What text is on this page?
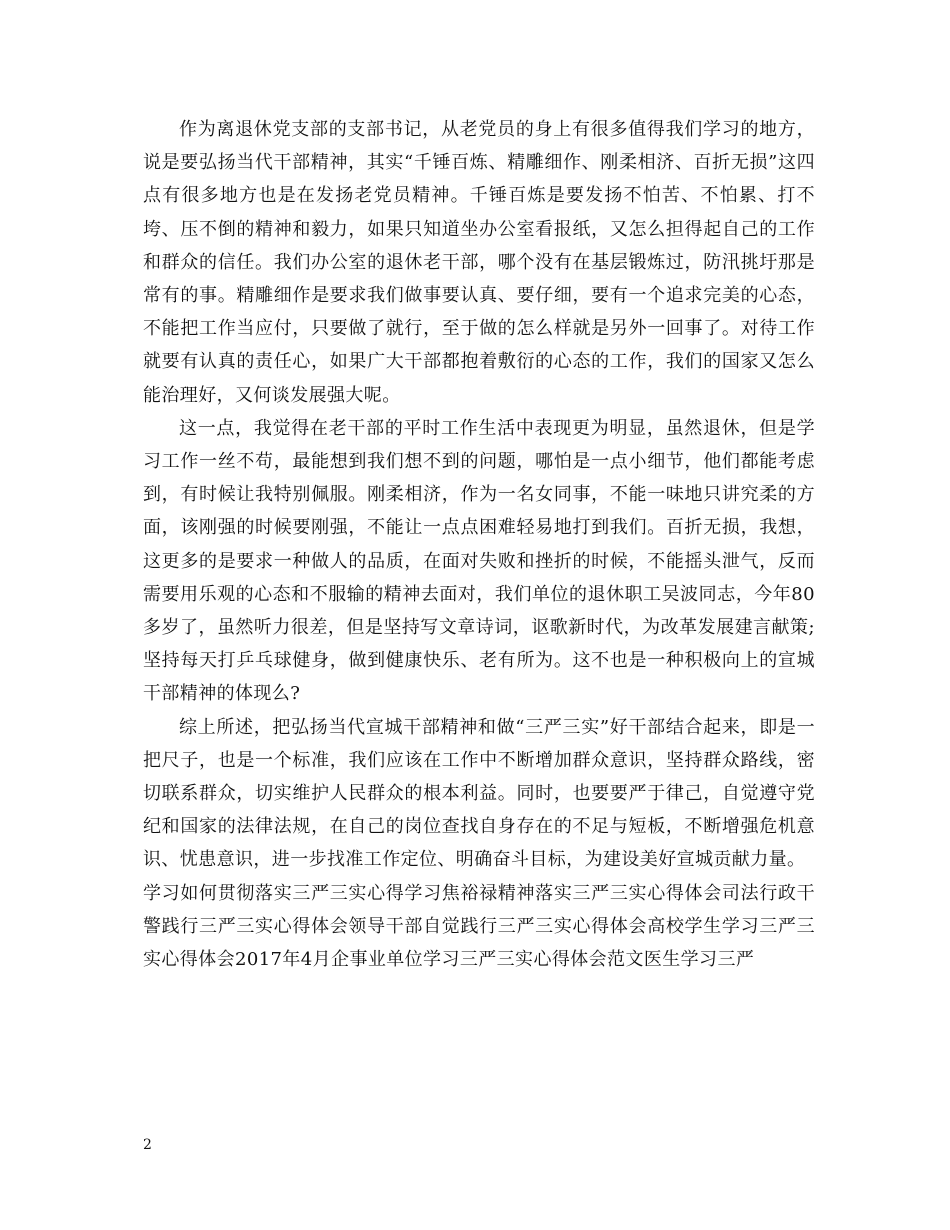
作为离退休党支部的支部书记，从老党员的身上有很多值得我们学习的地方，说是要弘扬当代干部精神，其实“千锤百炼、精雕细作、刚柔相济、百折无损”这四点有很多地方也是在发扬老党员精神。千锤百炼是要发扬不怕苦、不怕累、打不垮、压不倒的精神和毅力，如果只知道坐办公室看报纸，又怎么担得起自己的工作和群众的信任。我们办公室的退休老干部，哪个没有在基层锻炼过，防汛挑圩那是常有的事。精雕细作是要求我们做事要认真、要仔细，要有一个追求完美的心态，不能把工作当应付，只要做了就行，至于做的怎么样就是另外一回事了。对待工作就要有认真的责任心，如果广大干部都抱着敷衍的心态的工作，我们的国家又怎么能治理好，又何谈发展强大呢。

这一点，我觉得在老干部的平时工作生活中表现更为明显，虽然退休，但是学习工作一丝不苟，最能想到我们想不到的问题，哪怕是一点小细节，他们都能考虑到，有时候让我特别佩服。刚柔相济，作为一名女同事，不能一味地只讲究柔的方面，该刚强的时候要刚强，不能让一点点困难轻易地打到我们。百折无损，我想，这更多的是要求一种做人的品质，在面对失败和挫折的时候，不能摇头泄气，反而需要用乐观的心态和不服输的精神去面对，我们单位的退休职工吴波同志，今年80多岁了，虽然听力很差，但是坚持写文章诗词，讴歌新时代，为改革发展建言献策;坚持每天打乒乓球健身，做到健康快乐、老有所为。这不也是一种积极向上的宣城干部精神的体现么?

综上所述，把弘扬当代宣城干部精神和做“三严三实”好干部结合起来，即是一把尺子，也是一个标准，我们应该在工作中不断增加群众意识，坚持群众路线，密切联系群众，切实维护人民群众的根本利益。同时，也要要严于律己，自觉遵守党纪和国家的法律法规，在自己的岗位查找自身存在的不足与短板，不断增强危机意识、忧患意识，进一步找准工作定位、明确奋斗目标，为建设美好宣城贡献力量。

学习如何贯彻落实三严三实心得学习焦裕禄精神落实三严三实心得体会司法行政干警践行三严三实心得体会领导干部自觉践行三严三实心得体会高校学生学习三严三实心得体会2017年4月企事业单位学习三严三实心得体会范文医生学习三严

2
